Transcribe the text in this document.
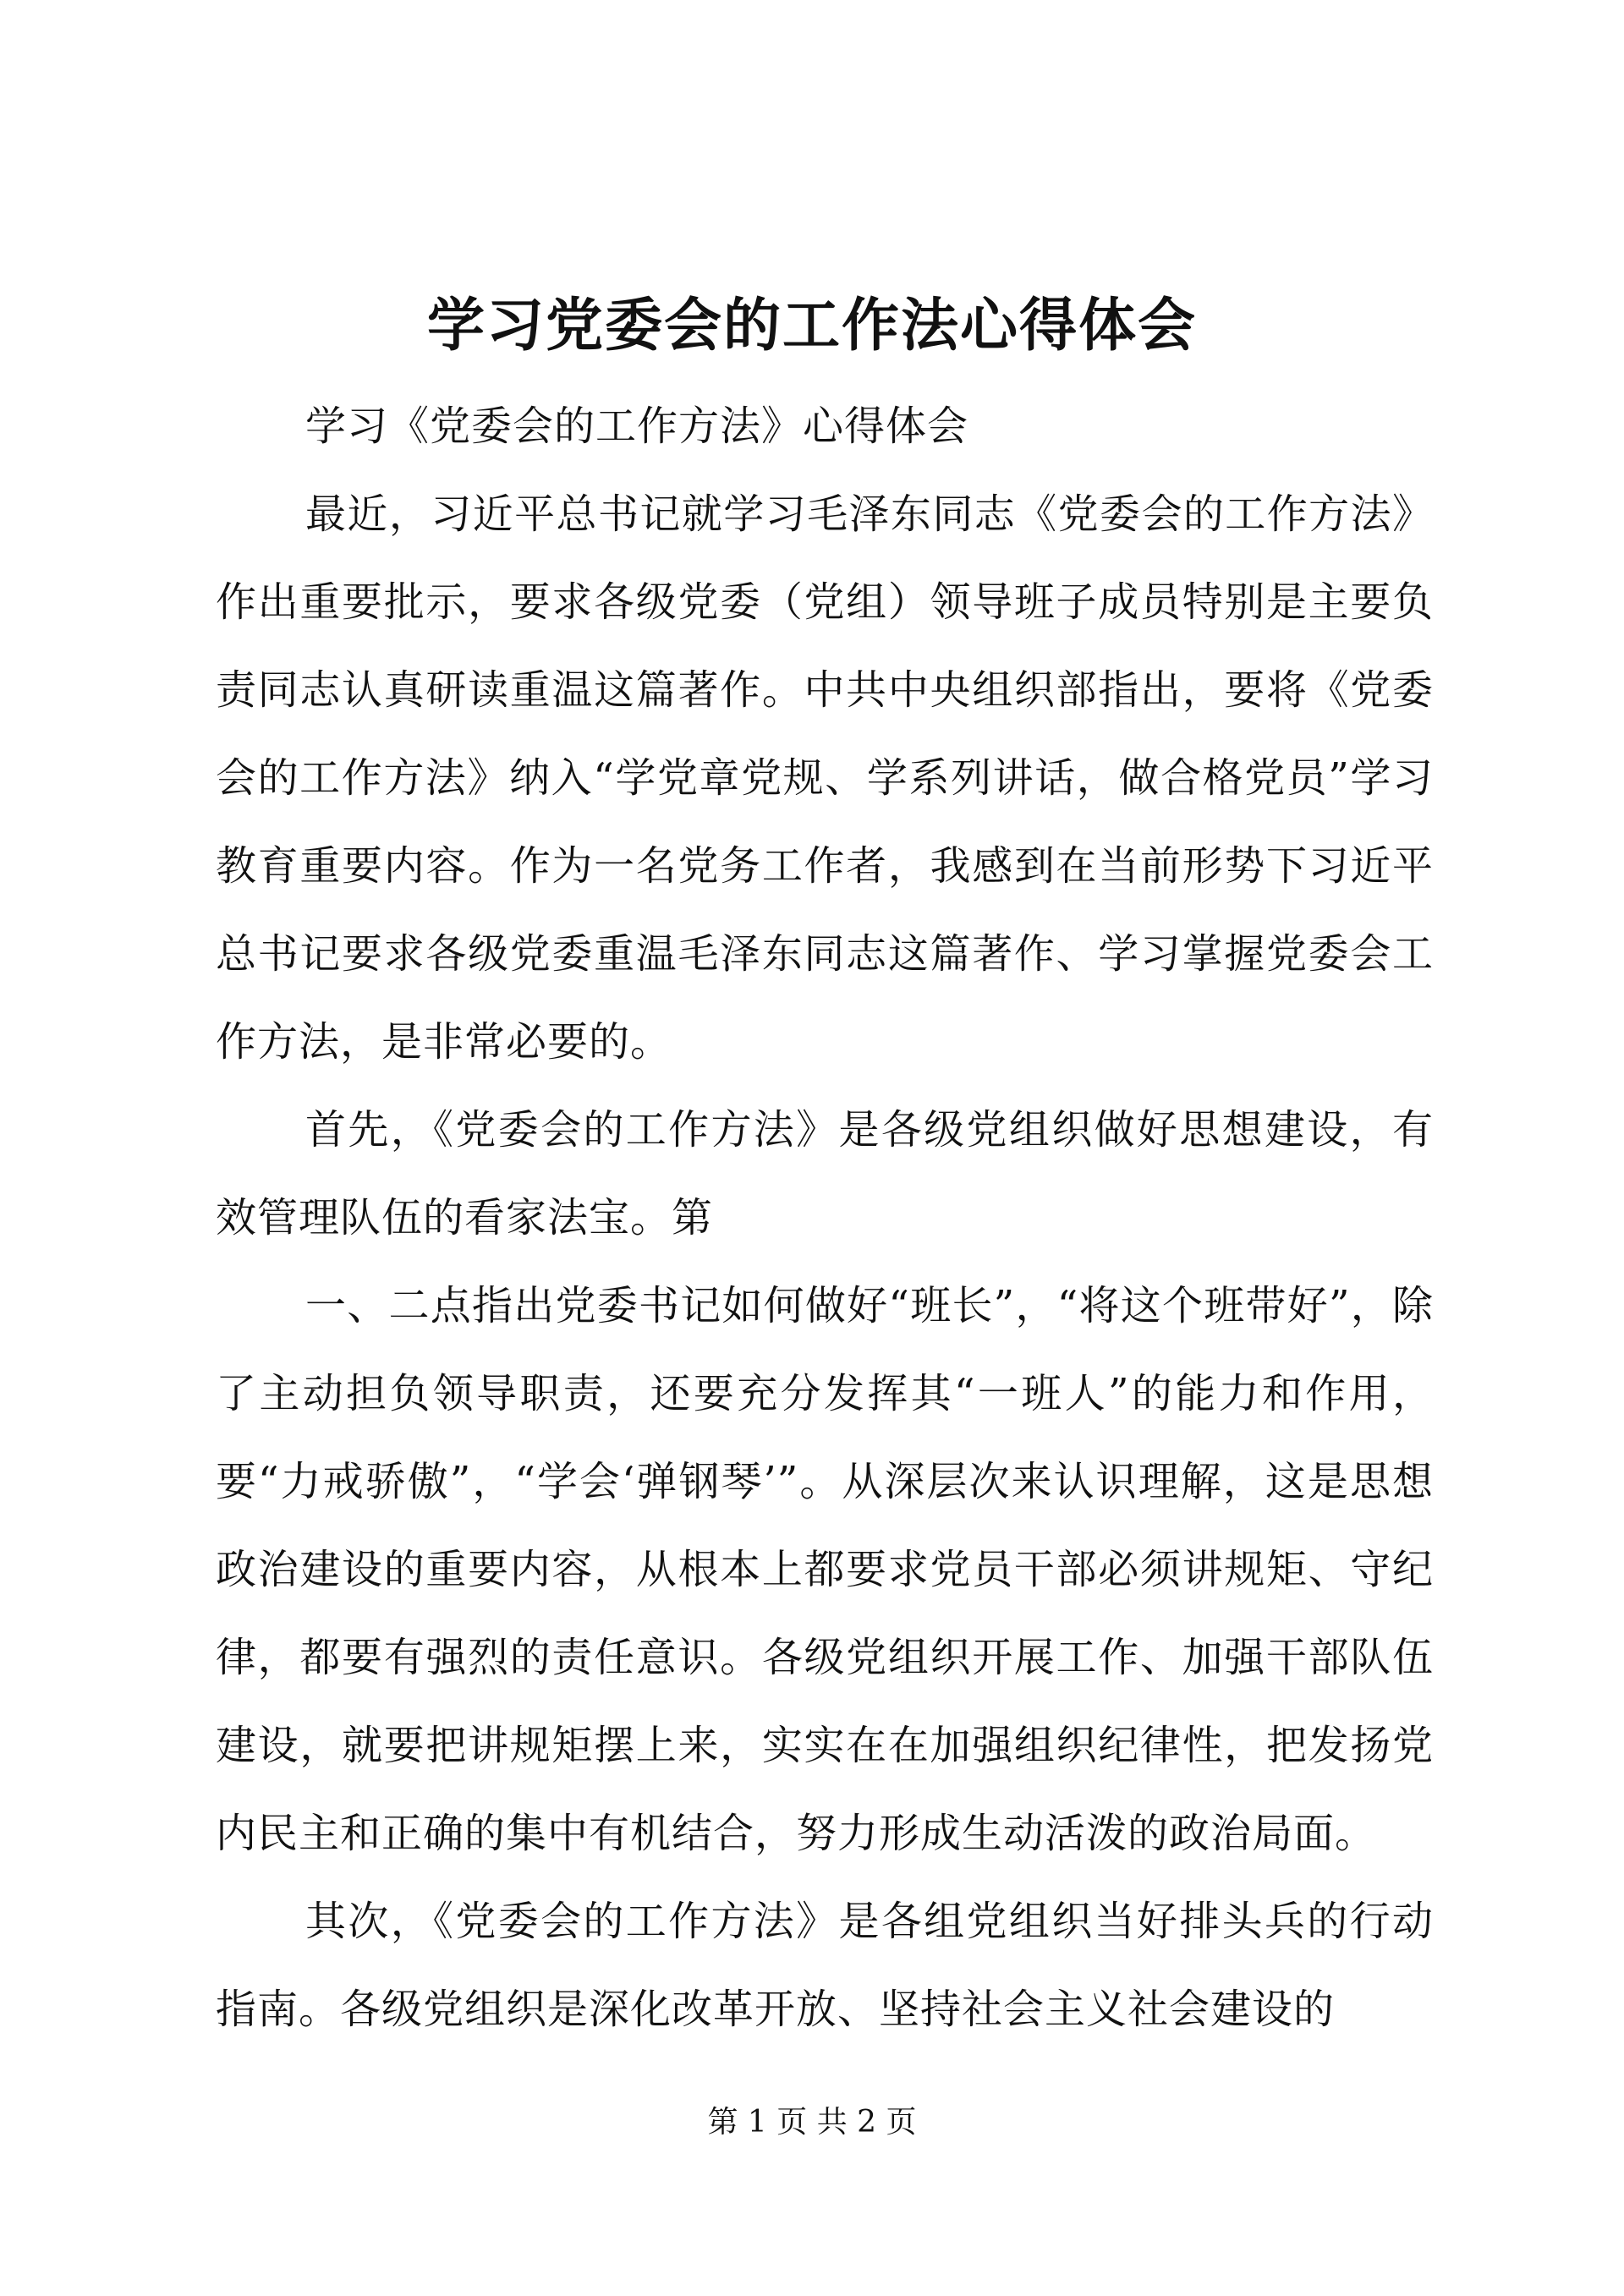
学习党委会的工作法心得体会

学习《党委会的工作方法》心得体会

最近，习近平总书记就学习毛泽东同志《党委会的工作方法》作出重要批示，要求各级党委（党组）领导班子成员特别是主要负责同志认真研读重温这篇著作。中共中央组织部指出，要将《党委会的工作方法》纳入“学党章党规、学系列讲话，做合格党员”学习教育重要内容。作为一名党务工作者，我感到在当前形势下习近平总书记要求各级党委重温毛泽东同志这篇著作、学习掌握党委会工作方法，是非常必要的。

首先，《党委会的工作方法》是各级党组织做好思想建设，有效管理队伍的看家法宝。第

一、二点指出党委书记如何做好“班长”，“将这个班带好”，除了主动担负领导职责，还要充分发挥其“一班人”的能力和作用，要“力戒骄傲”，“学会‘弹钢琴’”。从深层次来认识理解，这是思想政治建设的重要内容，从根本上都要求党员干部必须讲规矩、守纪律，都要有强烈的责任意识。各级党组织开展工作、加强干部队伍建设，就要把讲规矩摆上来，实实在在加强组织纪律性，把发扬党内民主和正确的集中有机结合，努力形成生动活泼的政治局面。

其次，《党委会的工作方法》是各组党组织当好排头兵的行动指南。各级党组织是深化改革开放、坚持社会主义社会建设的

第 1 页 共 2 页
